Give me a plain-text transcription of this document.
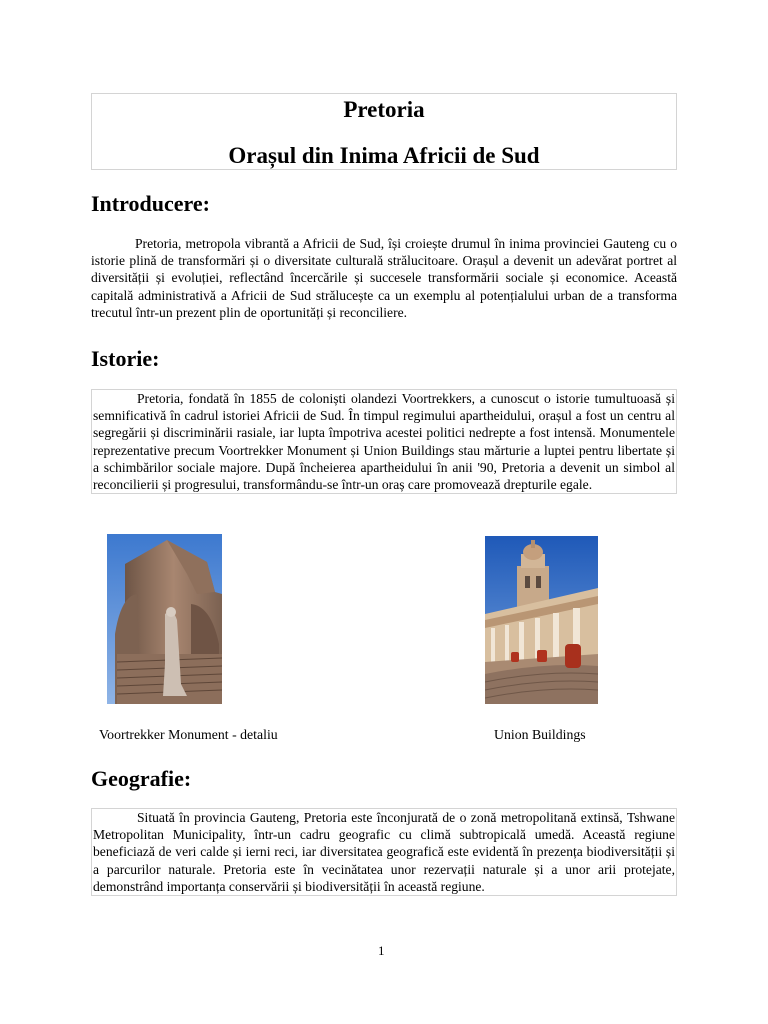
Pretoria
Orașul din Inima Africii de Sud
Introducere:
Pretoria, metropola vibrantă a Africii de Sud, își croiește drumul în inima provinciei Gauteng cu o istorie plină de transformări și o diversitate culturală strălucitoare. Orașul a devenit un adevărat portret al diversității și evoluției, reflectând încercările și succesele transformării sociale și economice. Această capitală administrativă a Africii de Sud strălucește ca un exemplu al potențialului urban de a transforma trecutul într-un prezent plin de oportunități și reconciliere.
Istorie:
Pretoria, fondată în 1855 de coloniști olandezi Voortrekkers, a cunoscut o istorie tumultuoasă și semnificativă în cadrul istoriei Africii de Sud. În timpul regimului apartheidului, orașul a fost un centru al segregării și discriminării rasiale, iar lupta împotriva acestei politici nedrepte a fost intensă. Monumentele reprezentative precum Voortrekker Monument și Union Buildings stau mărturie a luptei pentru libertate și a schimbărilor sociale majore. După încheierea apartheidului în anii '90, Pretoria a devenit un simbol al reconcilierii și progresului, transformându-se într-un oraș care promovează drepturile egale.
Voortrekker Monument - detaliu	Union Buildings
Geografie:
Situată în provincia Gauteng, Pretoria este înconjurată de o zonă metropolitană extinsă, Tshwane Metropolitan Municipality, într-un cadru geografic cu climă subtropicală umedă. Această regiune beneficiază de veri calde și ierni reci, iar diversitatea geografică este evidentă în prezența biodiversității și a parcurilor naturale. Pretoria este în vecinătatea unor rezervații naturale și a unor arii protejate, demonstrând importanța conservării și biodiversității în această regiune.
1
